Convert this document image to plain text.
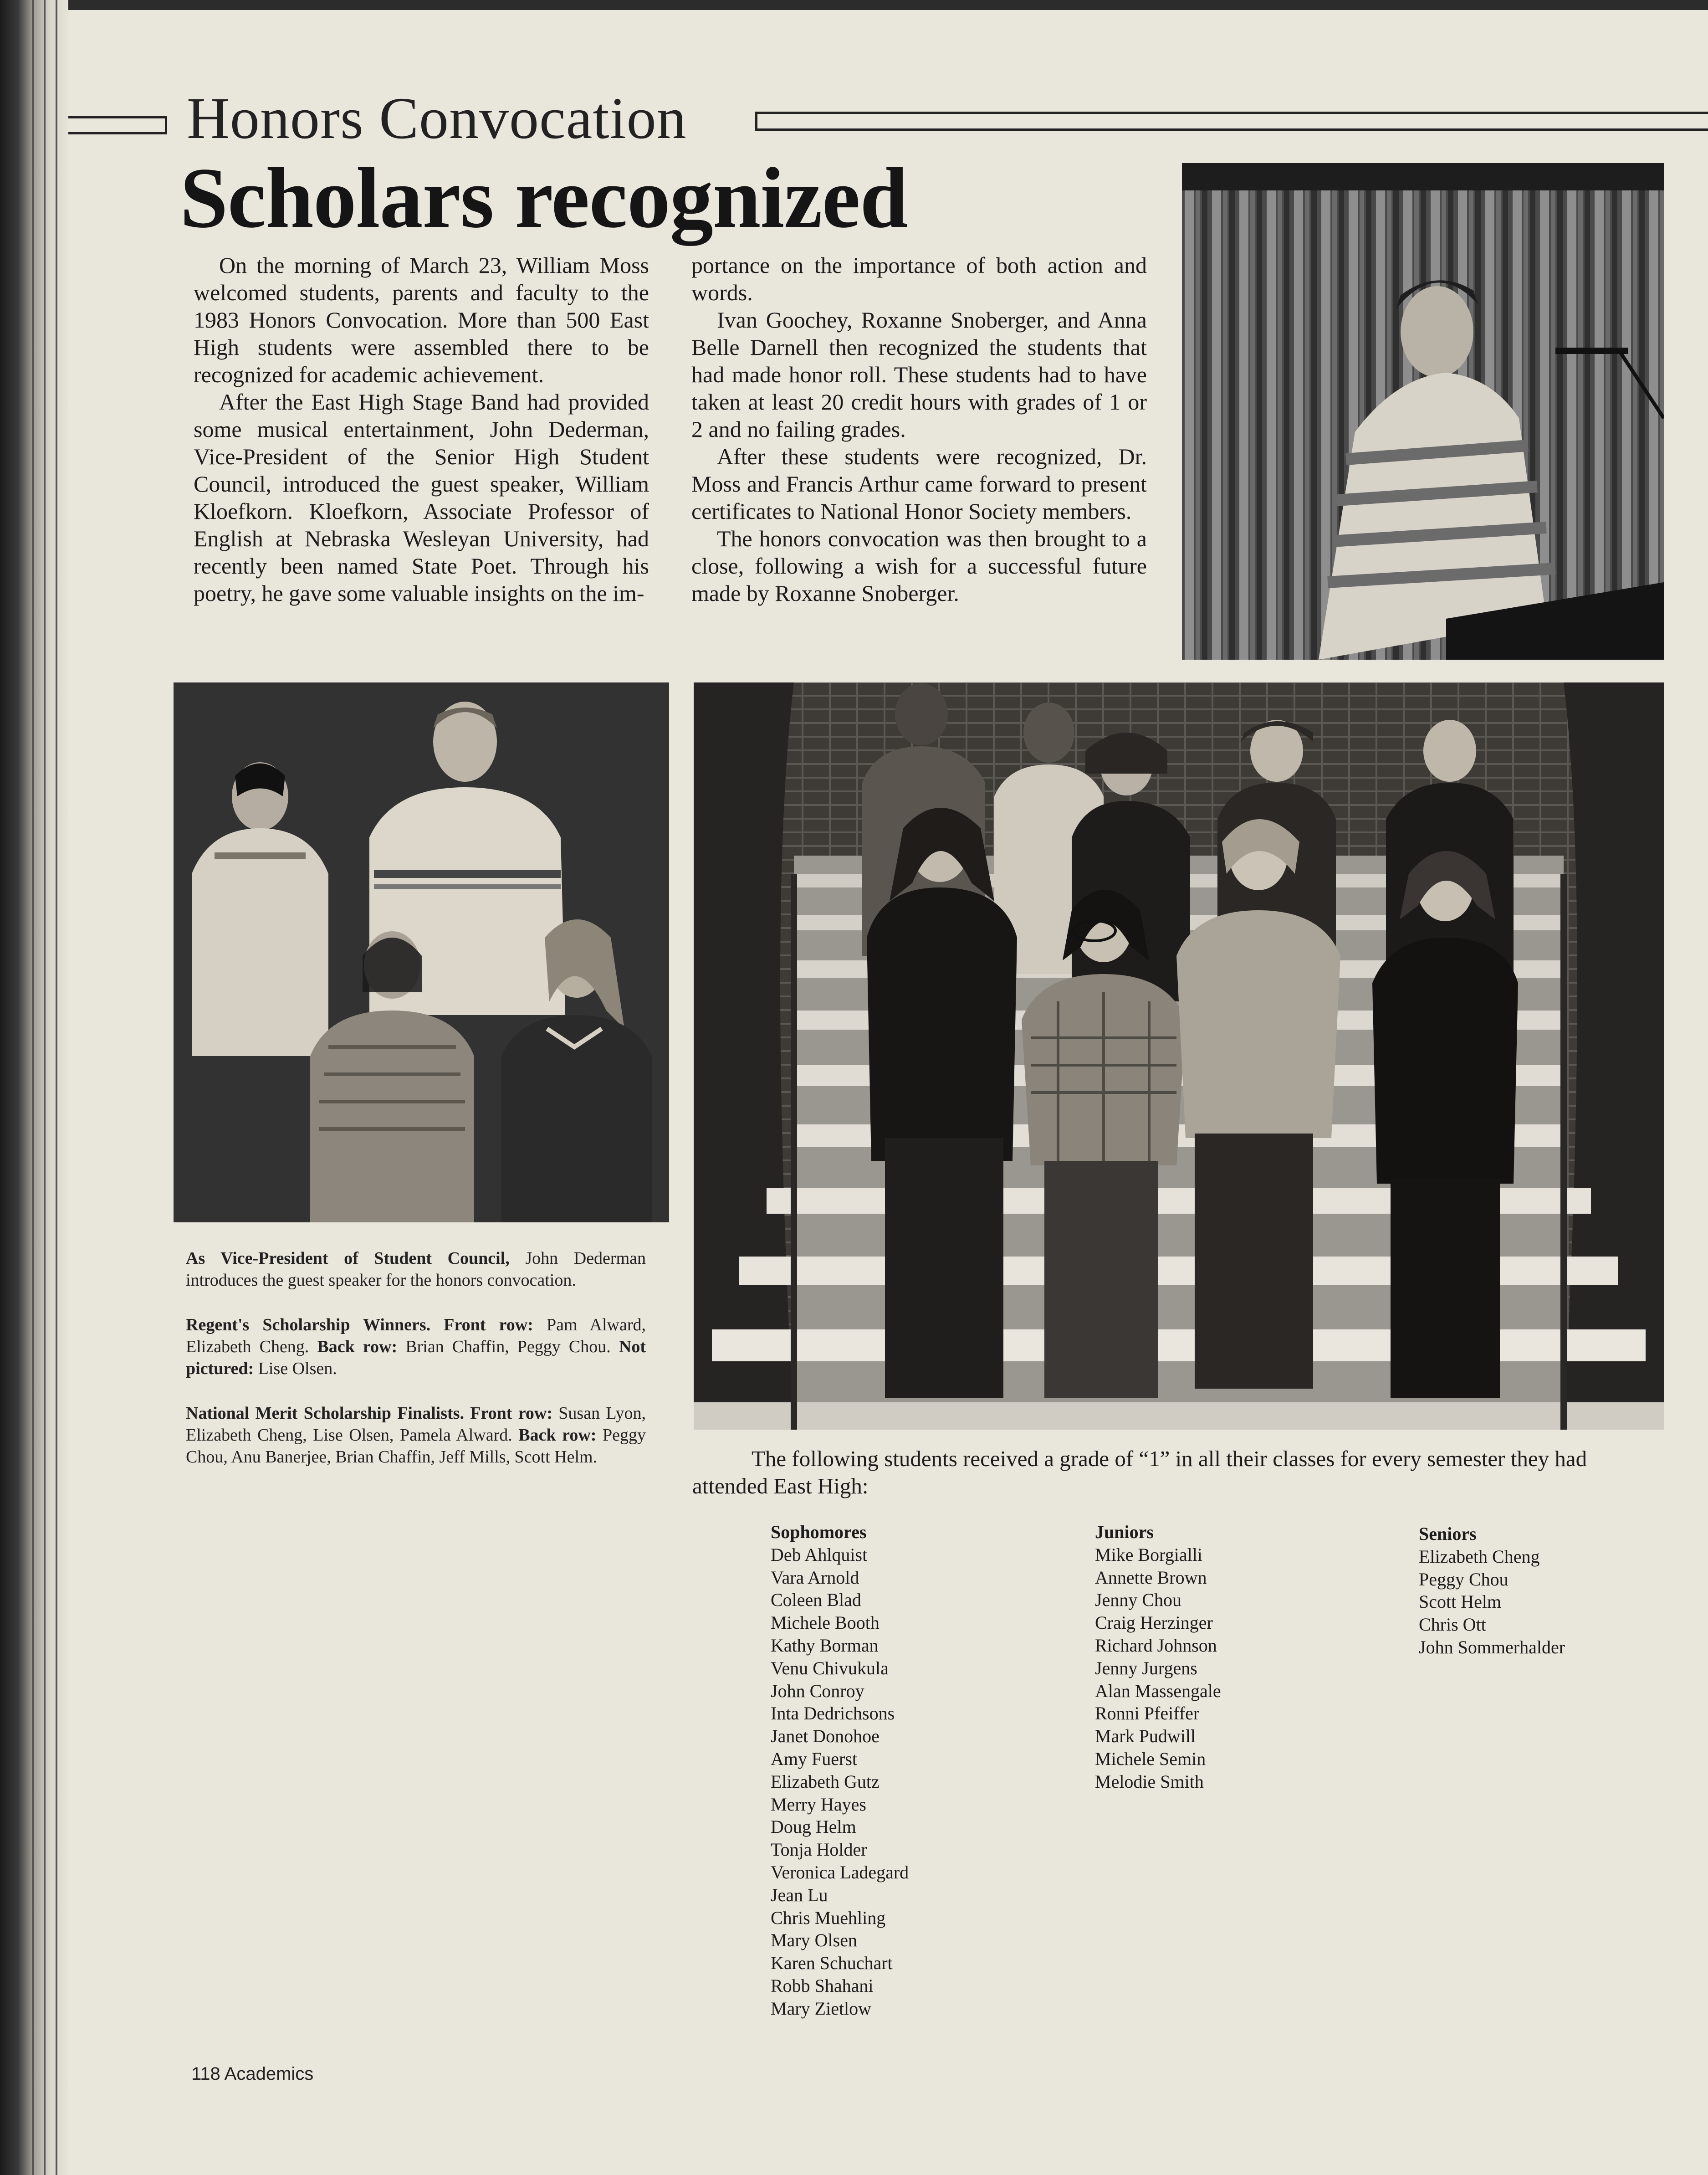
Honors Convocation
Scholars recognized

On the morning of March 23, William Moss welcomed students, parents and faculty to the 1983 Honors Convocation. More than 500 East High students were assembled there to be recognized for academic achievement.

After the East High Stage Band had provided some musical entertainment, John Dederman, Vice-President of the Senior High Student Council, introduced the guest speaker, William Kloefkorn. Kloefkorn, Associate Professor of English at Nebraska Wesleyan University, had recently been named State Poet. Through his poetry, he gave some valuable insights on the im-

portance on the importance of both action and words.

Ivan Goochey, Roxanne Snoberger, and Anna Belle Darnell then recognized the students that had made honor roll. These students had to have taken at least 20 credit hours with grades of 1 or 2 and no failing grades.

After these students were recognized, Dr. Moss and Francis Arthur came forward to present certificates to National Honor Society members.

The honors convocation was then brought to a close, following a wish for a successful future made by Roxanne Snoberger.

As Vice-President of Student Council, John Dederman introduces the guest speaker for the honors convocation.

Regent's Scholarship Winners. Front row: Pam Alward, Elizabeth Cheng. Back row: Brian Chaffin, Peggy Chou. Not pictured: Lise Olsen.

National Merit Scholarship Finalists. Front row: Susan Lyon, Elizabeth Cheng, Lise Olsen, Pamela Alward. Back row: Peggy Chou, Anu Banerjee, Brian Chaffin, Jeff Mills, Scott Helm.	The following students received a grade of “1” in all their classes for every semester they had attended East High:
Sophomores
Deb Ahlquist
Vara Arnold
Coleen Blad
Michele Booth
Kathy Borman
Venu Chivukula
John Conroy
Inta Dedrichsons
Janet Donohoe
Amy Fuerst
Elizabeth Gutz
Merry Hayes
Doug Helm
Tonja Holder
Veronica Ladegard
Jean Lu
Chris Muehling
Mary Olsen
Karen Schuchart
Robb Shahani
Mary Zietlow
Juniors
Mike Borgialli
Annette Brown
Jenny Chou
Craig Herzinger
Richard Johnson
Jenny Jurgens
Alan Massengale
Ronni Pfeiffer
Mark Pudwill
Michele Semin
Melodie Smith
Seniors
Elizabeth Cheng
Peggy Chou
Scott Helm
Chris Ott
John Sommerhalder
118 Academics
